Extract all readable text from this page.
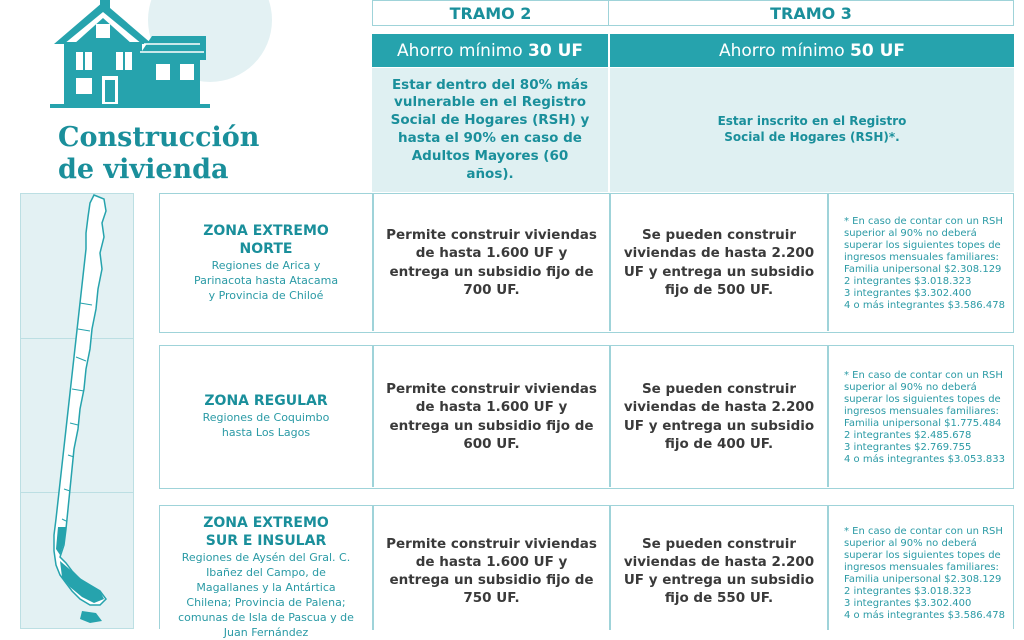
Construcción
de vivienda
TRAMO 2	TRAMO 3
Ahorro mínimo 30 UF	Ahorro mínimo 50 UF
Estar dentro del 80% más vulnerable en el Registro Social de Hogares (RSH) y hasta el 90% en caso de Adultos Mayores (60 años).
Estar inscrito en el Registro Social de Hogares (RSH)*.
ZONA EXTREMO NORTE
Regiones de Arica y Parinacota hasta Atacama y Provincia de Chiloé
Permite construir viviendas de hasta 1.600 UF y entrega un subsidio fijo de 700 UF.
Se pueden construir viviendas de hasta 2.200 UF y entrega un subsidio fijo de 500 UF.
* En caso de contar con un RSH
superior al 90% no deberá
superar los siguientes topes de
ingresos mensuales familiares:
Familia unipersonal $2.308.129
2 integrantes $3.018.323
3 integrantes $3.302.400
4 o más integrantes $3.586.478
ZONA REGULAR
Regiones de Coquimbo hasta Los Lagos
Permite construir viviendas de hasta 1.600 UF y entrega un subsidio fijo de 600 UF.
Se pueden construir viviendas de hasta 2.200 UF y entrega un subsidio fijo de 400 UF.
* En caso de contar con un RSH
superior al 90% no deberá
superar los siguientes topes de
ingresos mensuales familiares:
Familia unipersonal $1.775.484
2 integrantes $2.485.678
3 integrantes $2.769.755
4 o más integrantes $3.053.833
ZONA EXTREMO SUR E INSULAR
Regiones de Aysén del Gral. C. Ibañez del Campo, de Magallanes y la Antártica Chilena; Provincia de Palena; comunas de Isla de Pascua y de Juan Fernández
Permite construir viviendas de hasta 1.600 UF y entrega un subsidio fijo de 750 UF.
Se pueden construir viviendas de hasta 2.200 UF y entrega un subsidio fijo de 550 UF.
* En caso de contar con un RSH
superior al 90% no deberá
superar los siguientes topes de
ingresos mensuales familiares:
Familia unipersonal $2.308.129
2 integrantes $3.018.323
3 integrantes $3.302.400
4 o más integrantes $3.586.478
